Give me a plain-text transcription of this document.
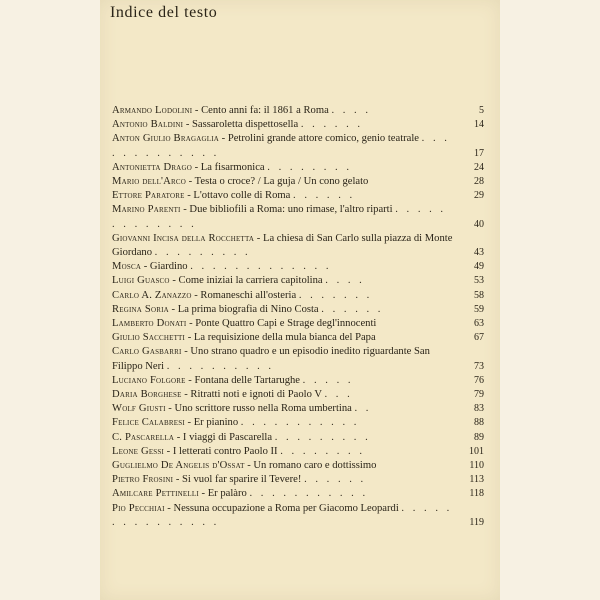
Indice del testo
Armando Lodolini - Cento anni fa: il 1861 a Roma . . . .	5
Antonio Baldini - Sassaroletta dispettosella . . . . . .	14
Anton Giulio Bragaglia - Petrolini grande attore comico, genio teatrale . . . . . . . . . . . . .	17
Antonietta Drago - La fisarmonica . . . . . . . .	24
Mario dell'Arco - Testa o croce? / La guja / Un cono gelato	28
Ettore Paratore - L'ottavo colle di Roma . . . . . .	29
Marino Parenti - Due bibliofili a Roma: uno rimase, l'altro riparti . . . . . . . . . . . . .	40
Giovanni Incisa della Rocchetta - La chiesa di San Carlo sulla piazza di Monte Giordano . . . . . . . . .	43
Mosca - Giardino . . . . . . . . . . . . .	49
Luigi Guasco - Come iniziai la carriera capitolina . . . .	53
Carlo A. Zanazzo - Romaneschi all'osteria . . . . . . .	58
Regina Soria - La prima biografia di Nino Costa . . . . . .	59
Lamberto Donati - Ponte Quattro Capi e Strage degl'innocenti	63
Giulio Sacchetti - La requisizione della mula bianca del Papa	67
Carlo Gasbarri - Uno strano quadro e un episodio inedito riguardante San Filippo Neri . . . . . . . . . .	73
Luciano Folgore - Fontana delle Tartarughe . . . . .	76
Daria Borghese - Ritratti noti e ignoti di Paolo V . . .	79
Wolf Giusti - Uno scrittore russo nella Roma umbertina . .	83
Felice Calabresi - Er pianino . . . . . . . . . . .	88
C. Pascarella - I viaggi di Pascarella . . . . . . . . .	89
Leone Gessi - I letterati contro Paolo II . . . . . . . .	101
Guglielmo De Angelis d'Ossat - Un romano caro e dottissimo	110
Pietro Frosini - Si vuol far sparire il Tevere! . . . . . .	113
Amilcare Pettinelli - Er palàro . . . . . . . . . . .	118
Pio Pecchiai - Nessuna occupazione a Roma per Giacomo Leopardi . . . . . . . . . . . . . . .	119
